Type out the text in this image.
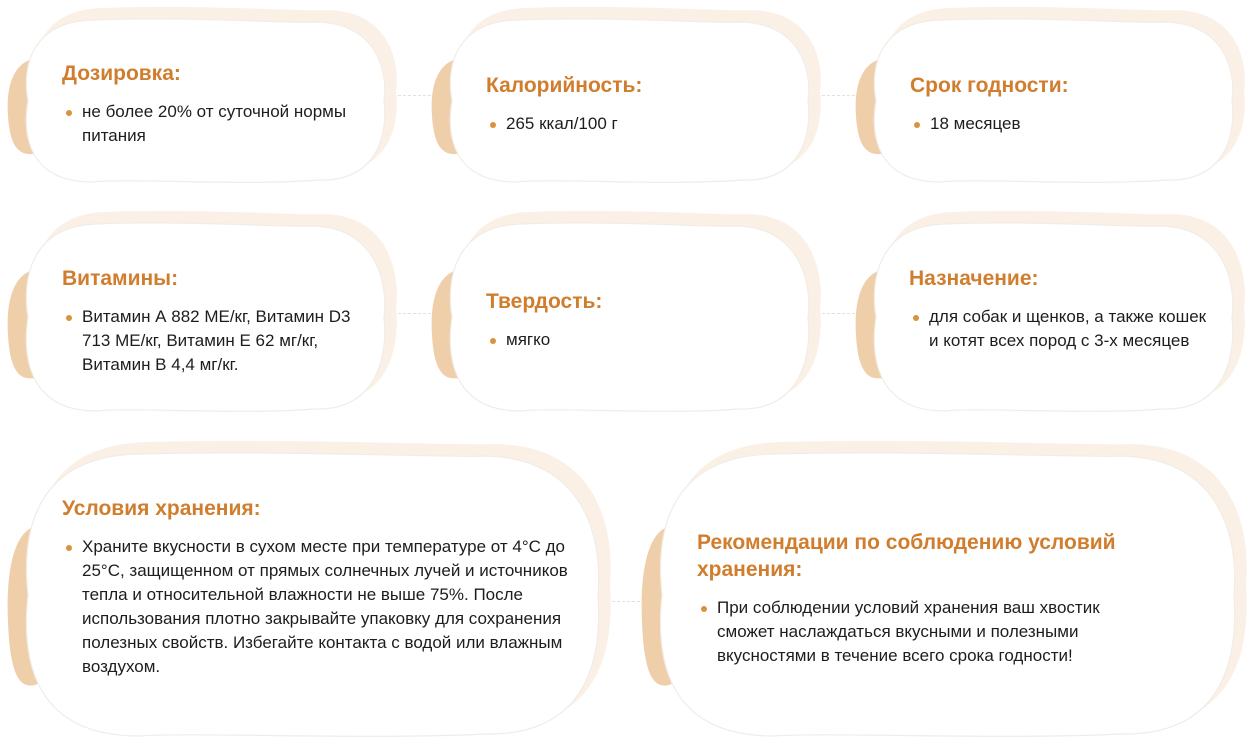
Дозировка:
не более 20% от суточной нормы питания
Калорийность:
265 ккал/100 г
Срок годности:
18 месяцев
Витамины:
Витамин А 882 МЕ/кг, Витамин D3 713 МЕ/кг, Витамин Е 62 мг/кг, Витамин В 4,4 мг/кг.
Твердость:
мягко
Назначение:
для собак и щенков, а также кошек и котят всех пород с 3-х месяцев
Условия хранения:
Храните вкусности в сухом месте при температуре от 4°C до 25°C, защищенном от прямых солнечных лучей и источников тепла и относительной влажности не выше 75%. После использования плотно закрывайте упаковку для сохранения полезных свойств. Избегайте контакта с водой или влажным воздухом.
Рекомендации по соблюдению условий хранения:
При соблюдении условий хранения ваш хвостик сможет наслаждаться вкусными и полезными вкусностями в течение всего срока годности!
